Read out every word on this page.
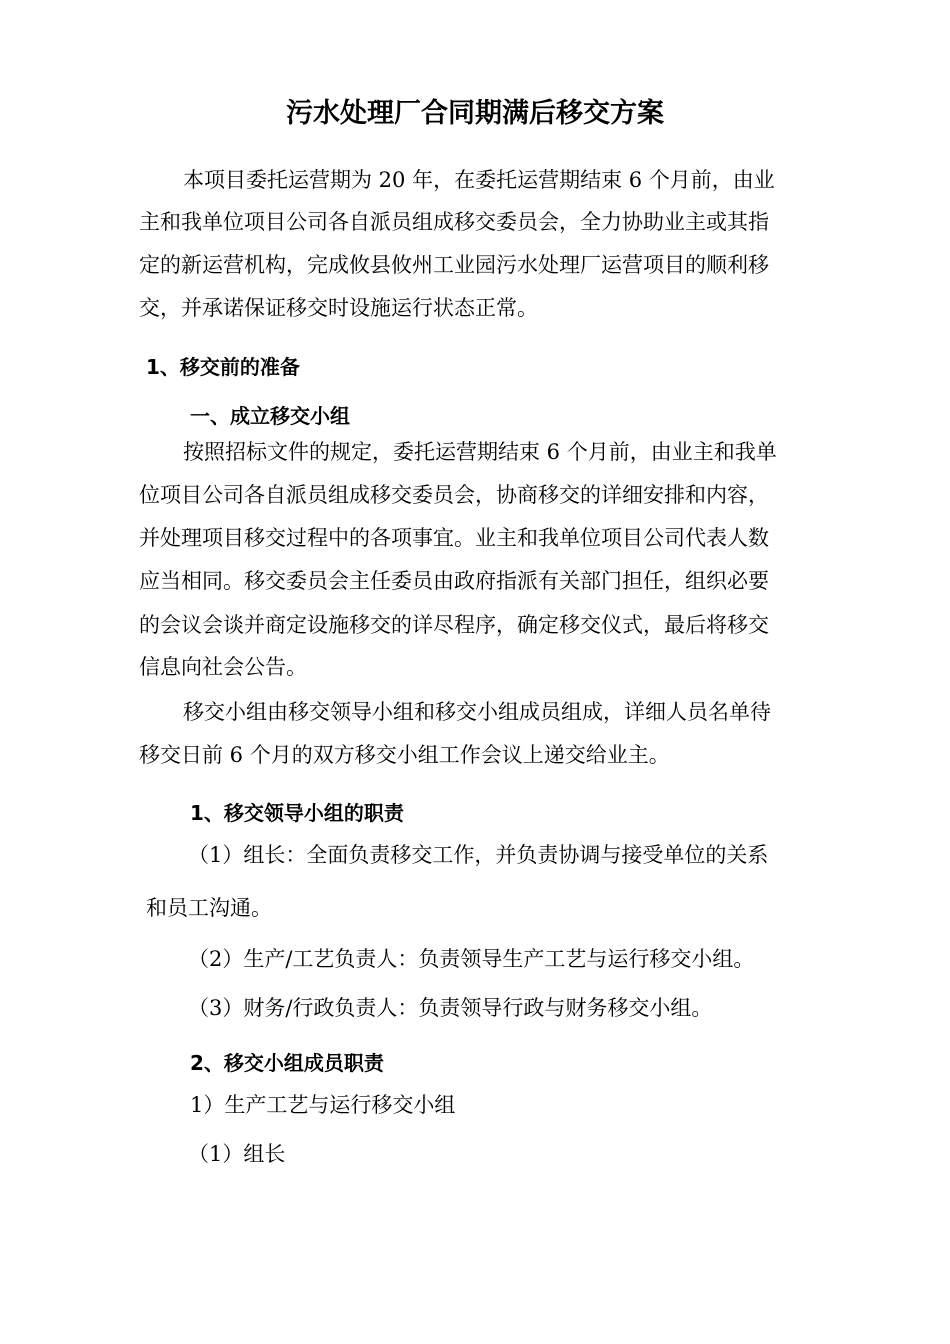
污水处理厂合同期满后移交方案

本项目委托运营期为 20 年，在委托运营期结束 6 个月前，由业

主和我单位项目公司各自派员组成移交委员会，全力协助业主或其指

定的新运营机构，完成攸县攸州工业园污水处理厂运营项目的顺利移

交，并承诺保证移交时设施运行状态正常。

1、移交前的准备

一、成立移交小组

按照招标文件的规定，委托运营期结束 6 个月前，由业主和我单

位项目公司各自派员组成移交委员会，协商移交的详细安排和内容，

并处理项目移交过程中的各项事宜。业主和我单位项目公司代表人数

应当相同。移交委员会主任委员由政府指派有关部门担任，组织必要

的会议会谈并商定设施移交的详尽程序，确定移交仪式，最后将移交

信息向社会公告。

移交小组由移交领导小组和移交小组成员组成，详细人员名单待

移交日前 6 个月的双方移交小组工作会议上递交给业主。

1、移交领导小组的职责

（1）组长：全面负责移交工作，并负责协调与接受单位的关系

和员工沟通。

（2）生产/工艺负责人：负责领导生产工艺与运行移交小组。

（3）财务/行政负责人：负责领导行政与财务移交小组。

2、移交小组成员职责

1）生产工艺与运行移交小组

（1）组长
